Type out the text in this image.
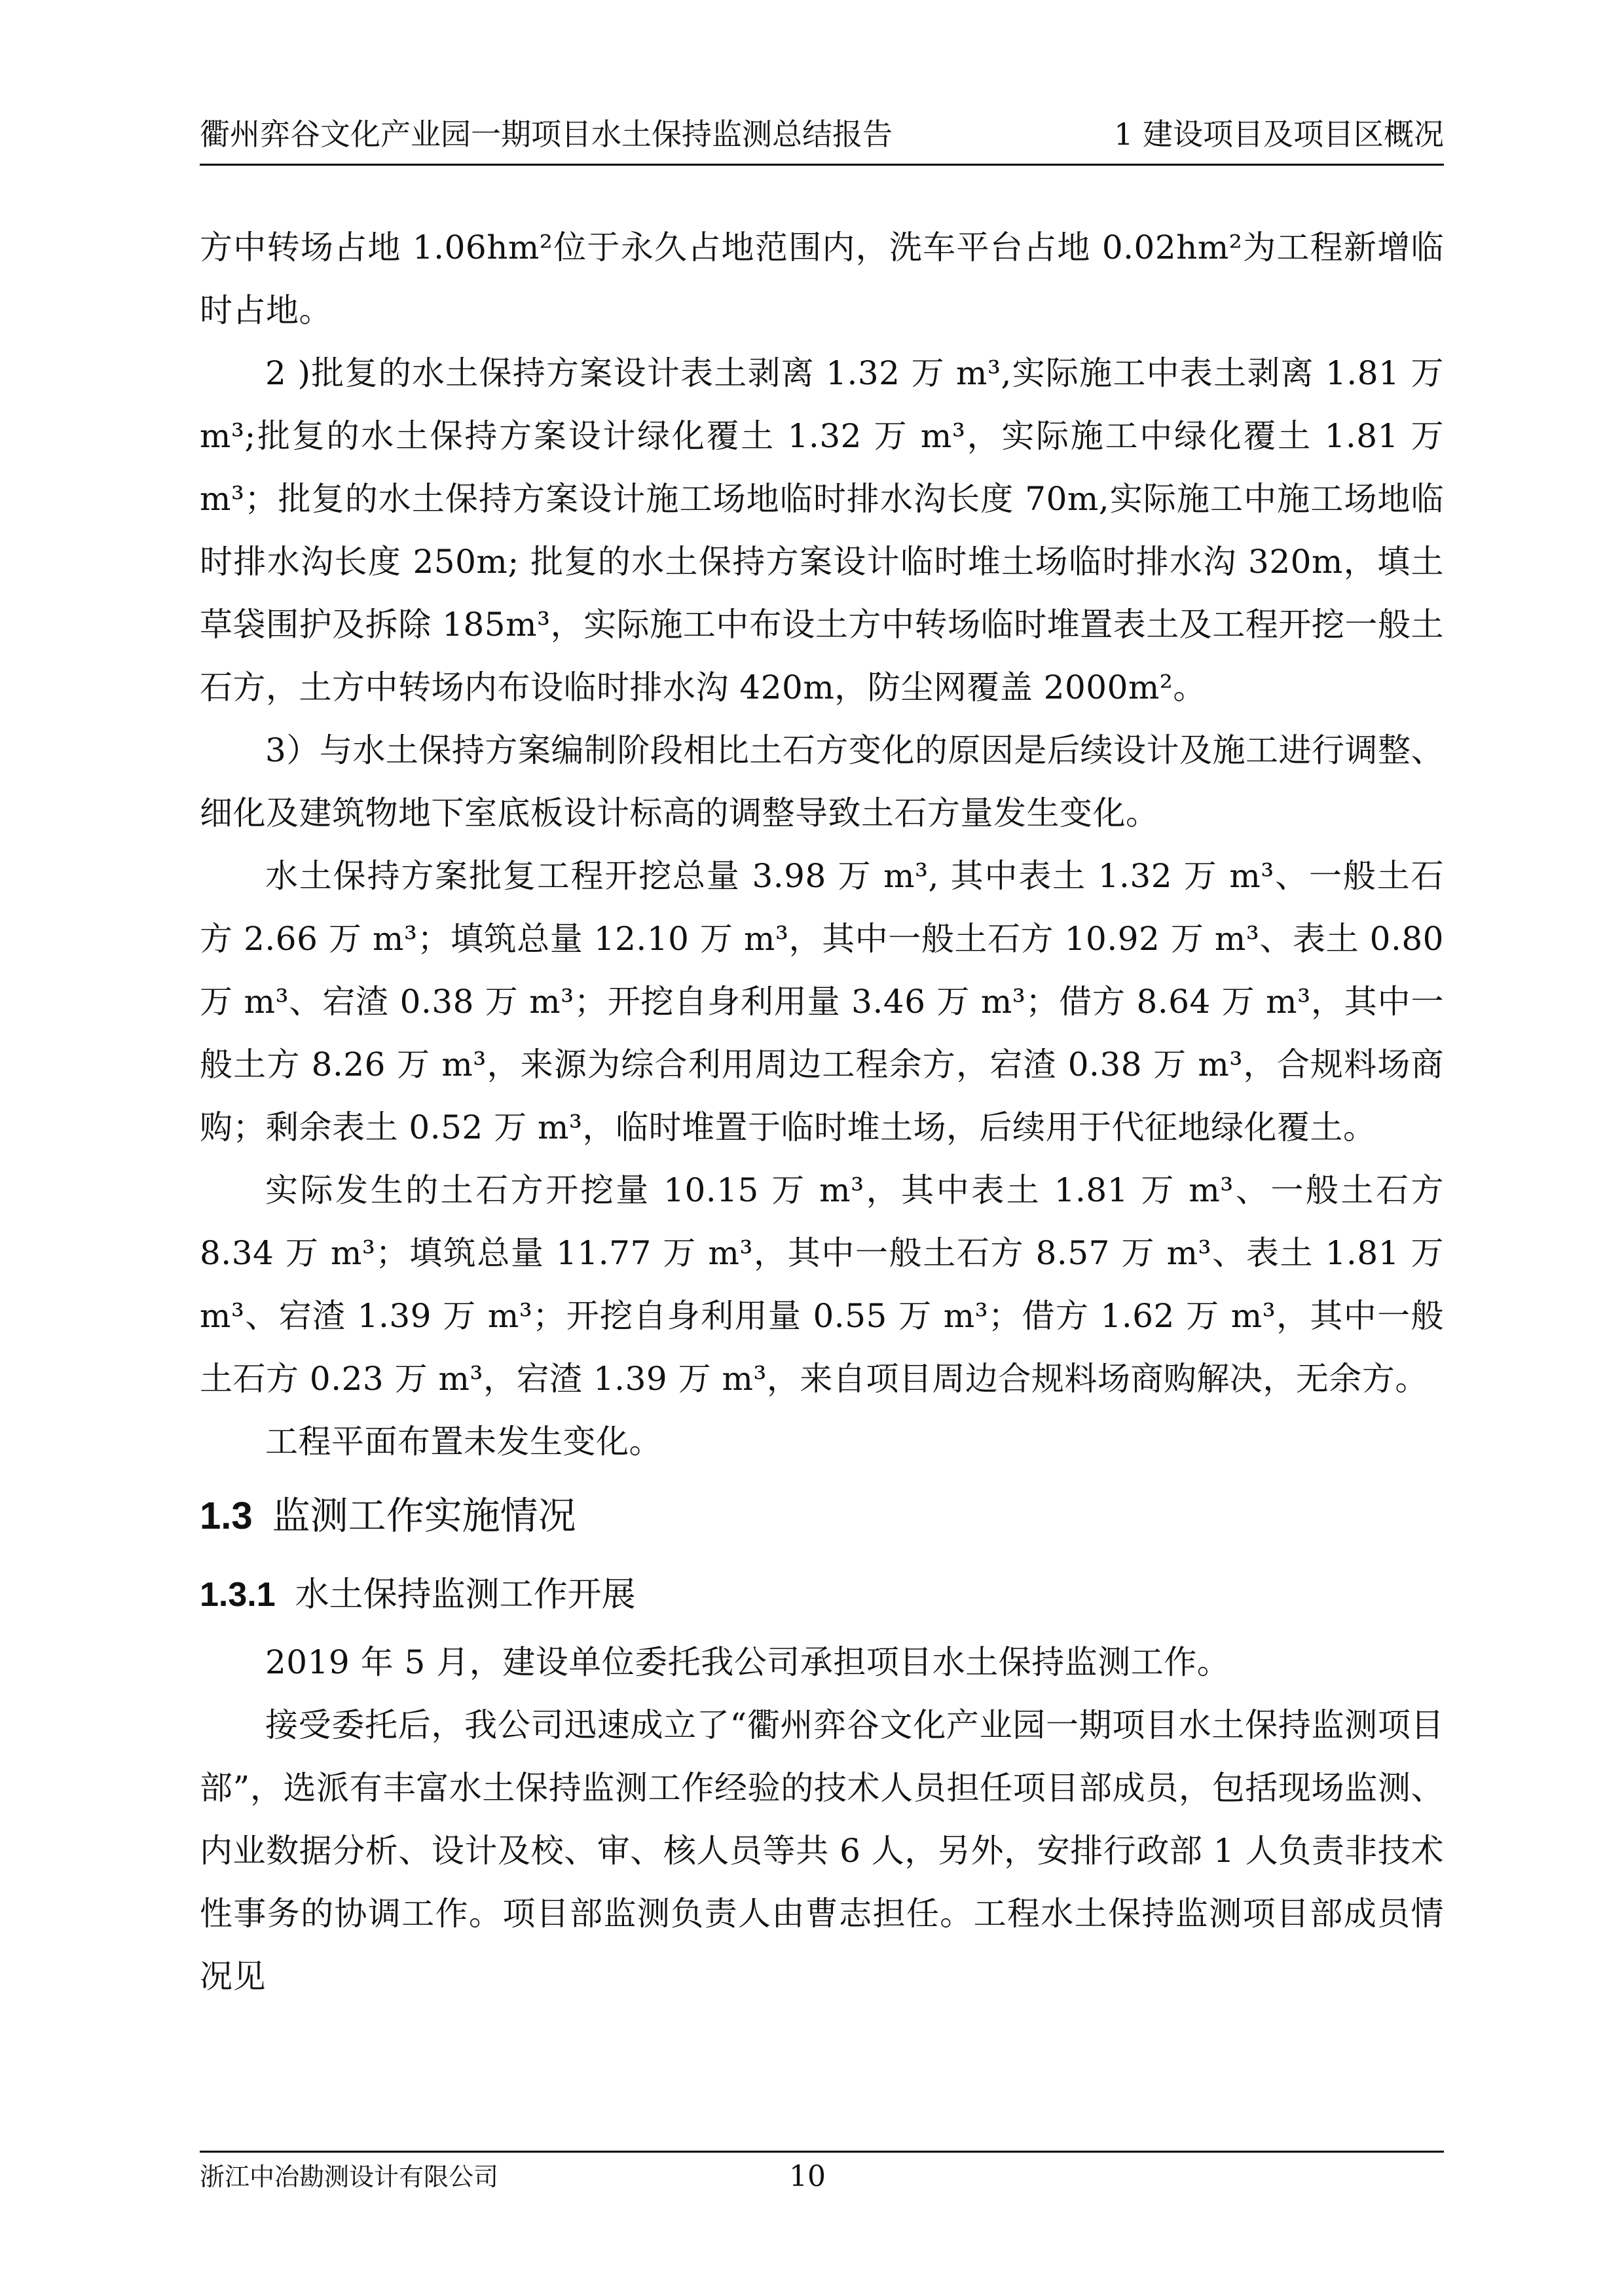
衢州弈谷文化产业园一期项目水土保持监测总结报告	1 建设项目及项目区概况

方中转场占地 1.06hm²位于永久占地范围内，洗车平台占地 0.02hm²为工程新增临时占地。

2 )批复的水土保持方案设计表土剥离 1.32 万 m³,实际施工中表土剥离 1.81 万 m³;批复的水土保持方案设计绿化覆土 1.32 万 m³，实际施工中绿化覆土 1.81 万 m³；批复的水土保持方案设计施工场地临时排水沟长度 70m,实际施工中施工场地临时排水沟长度 250m; 批复的水土保持方案设计临时堆土场临时排水沟 320m，填土草袋围护及拆除 185m³，实际施工中布设土方中转场临时堆置表土及工程开挖一般土石方，土方中转场内布设临时排水沟 420m，防尘网覆盖 2000m²。

3）与水土保持方案编制阶段相比土石方变化的原因是后续设计及施工进行调整、细化及建筑物地下室底板设计标高的调整导致土石方量发生变化。

水土保持方案批复工程开挖总量 3.98 万 m³, 其中表土 1.32 万 m³、一般土石方 2.66 万 m³；填筑总量 12.10 万 m³，其中一般土石方 10.92 万 m³、表土 0.80 万 m³、宕渣 0.38 万 m³；开挖自身利用量 3.46 万 m³；借方 8.64 万 m³，其中一般土方 8.26 万 m³，来源为综合利用周边工程余方，宕渣 0.38 万 m³，合规料场商购；剩余表土 0.52 万 m³，临时堆置于临时堆土场，后续用于代征地绿化覆土。

实际发生的土石方开挖量 10.15 万 m³，其中表土 1.81 万 m³、一般土石方 8.34 万 m³；填筑总量 11.77 万 m³，其中一般土石方 8.57 万 m³、表土 1.81 万 m³、宕渣 1.39 万 m³；开挖自身利用量 0.55 万 m³；借方 1.62 万 m³，其中一般土石方 0.23 万 m³，宕渣 1.39 万 m³，来自项目周边合规料场商购解决，无余方。

工程平面布置未发生变化。

1.3 监测工作实施情况
1.3.1 水土保持监测工作开展

2019 年 5 月，建设单位委托我公司承担项目水土保持监测工作。

接受委托后，我公司迅速成立了“衢州弈谷文化产业园一期项目水土保持监测项目部”，选派有丰富水土保持监测工作经验的技术人员担任项目部成员，包括现场监测、内业数据分析、设计及校、审、核人员等共 6 人，另外，安排行政部 1 人负责非技术性事务的协调工作。项目部监测负责人由曹志担任。工程水土保持监测项目部成员情况见

浙江中冶勘测设计有限公司	10
